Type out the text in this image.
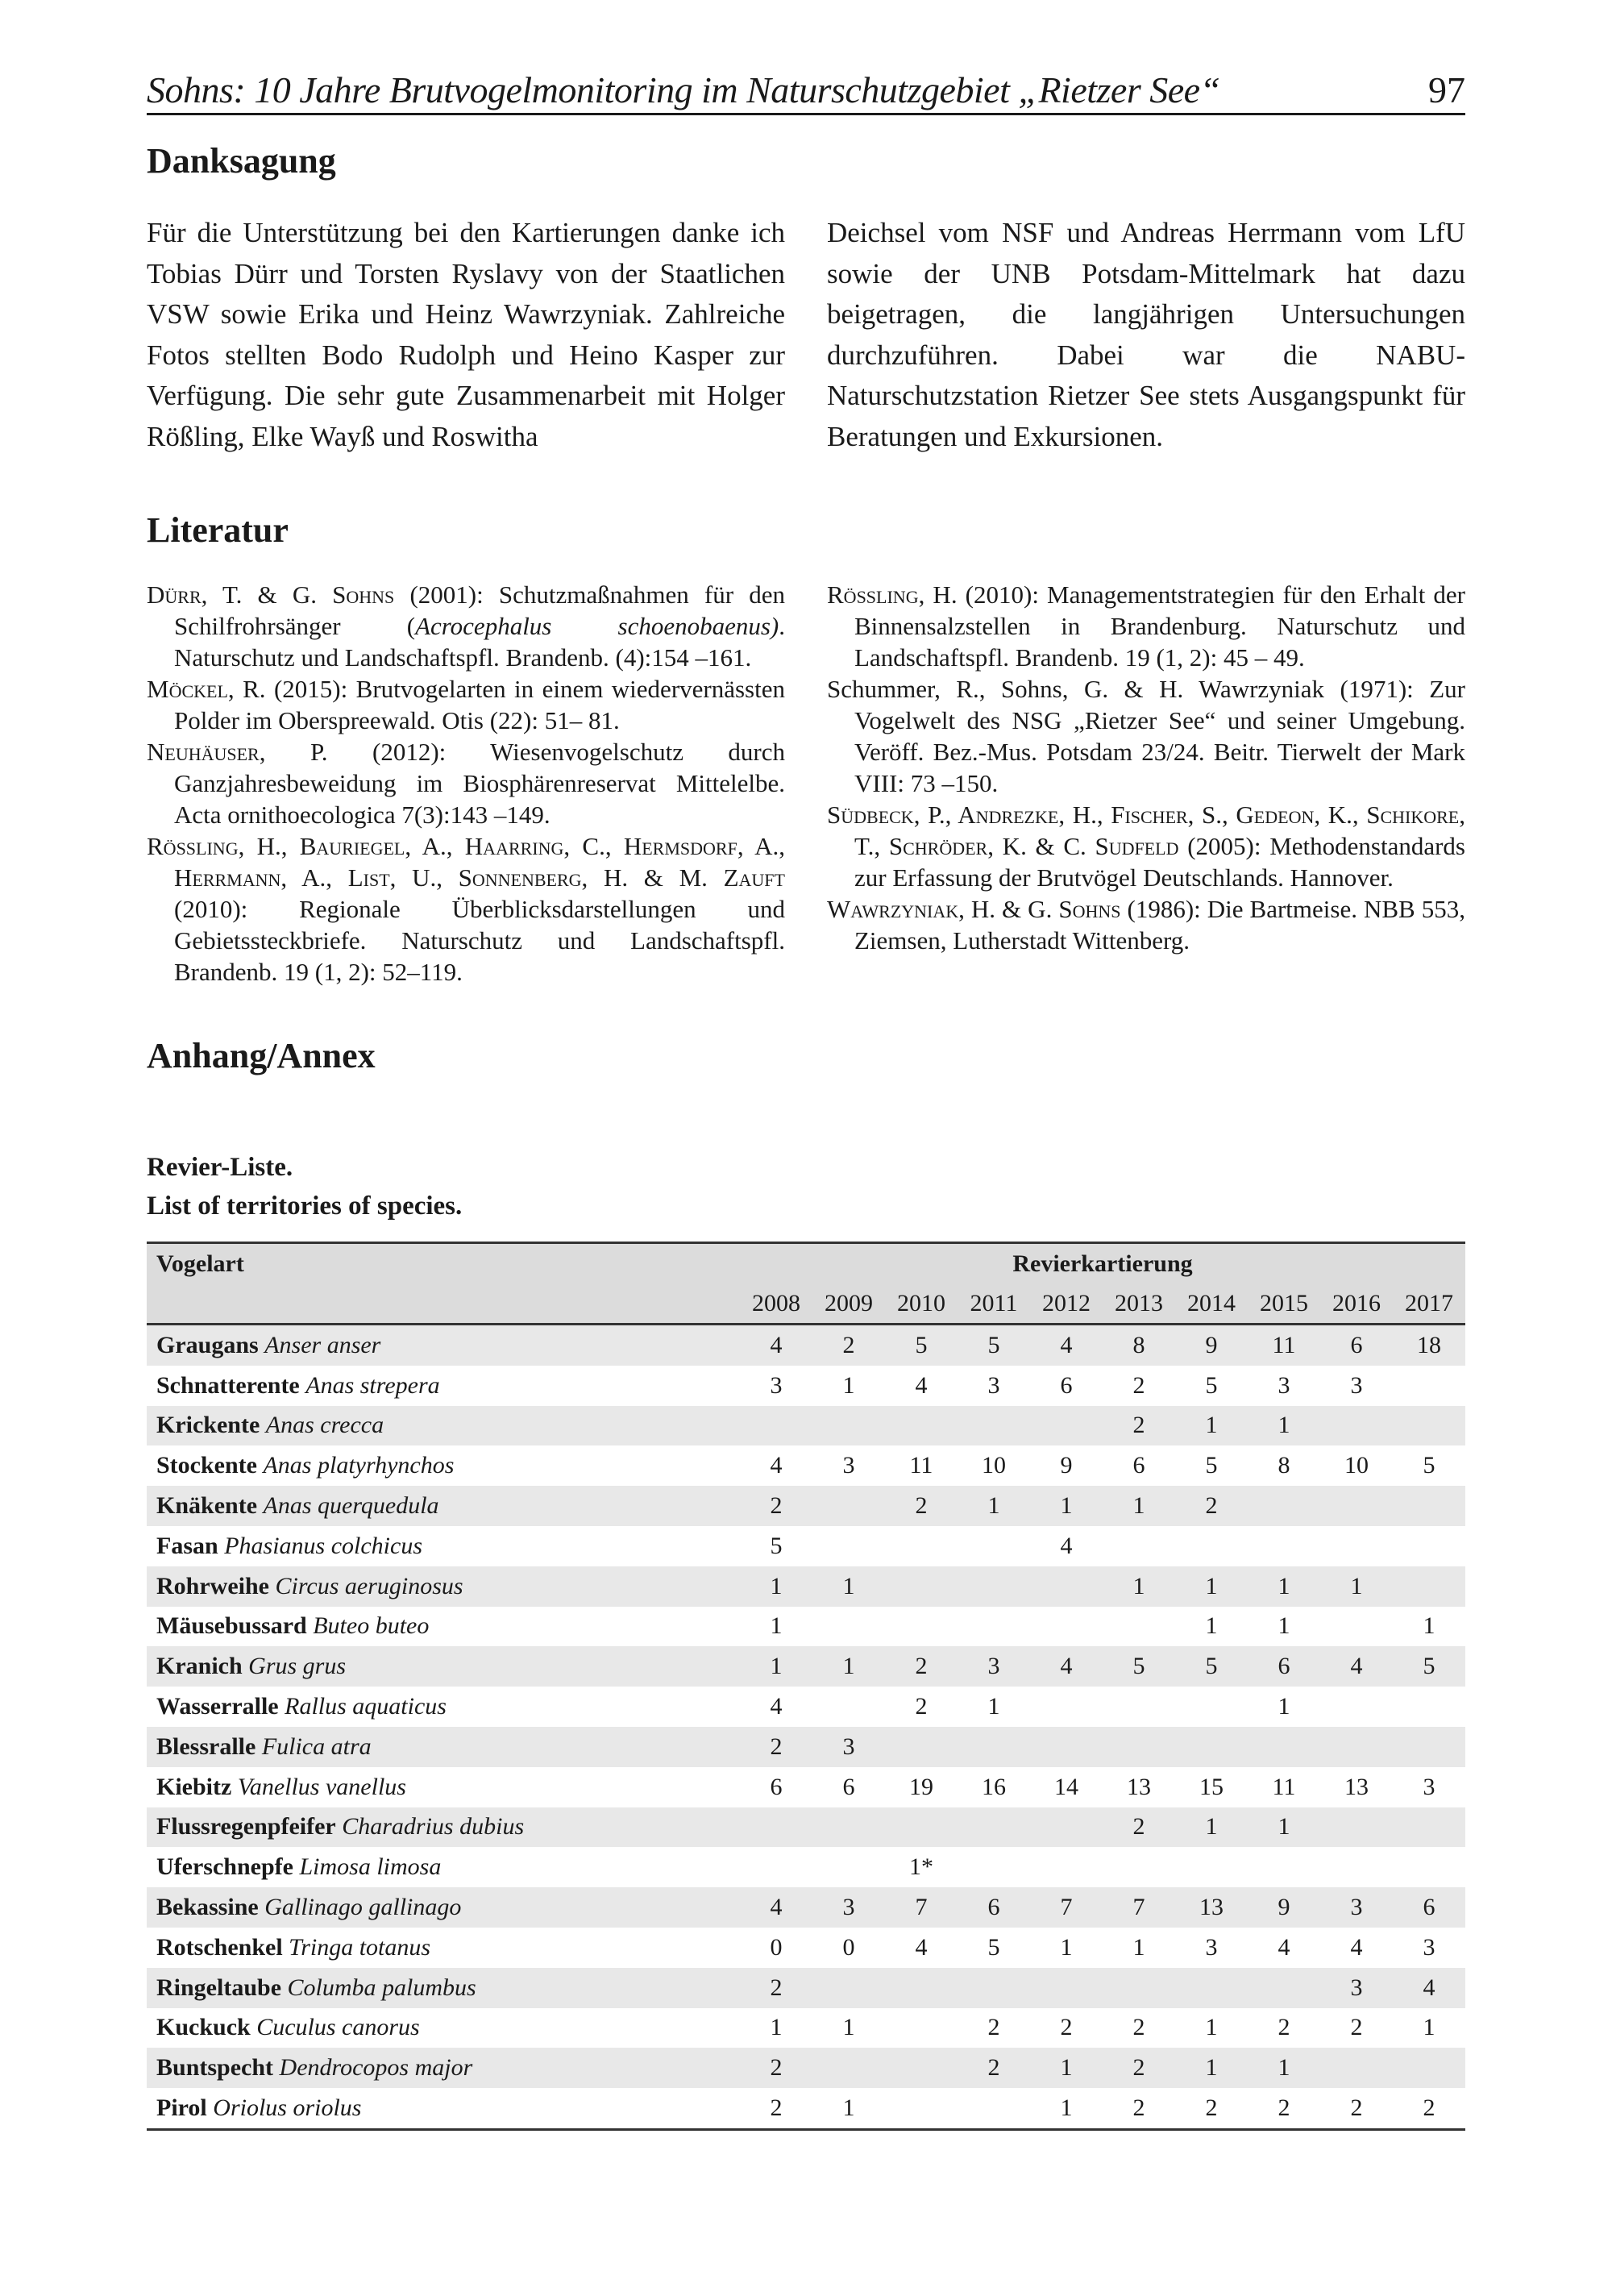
Sohns: 10 Jahre Brutvogelmonitoring im Naturschutzgebiet „Rietzer See“	97
Danksagung

Für die Unterstützung bei den Kartierungen danke ich Tobias Dürr und Torsten Ryslavy von der Staatlichen VSW sowie Erika und Heinz Wawrzyniak. Zahlreiche Fotos stellten Bodo Rudolph und Heino Kasper zur Verfügung. Die sehr gute Zusammenarbeit mit Holger Rößling, Elke Wayß und Roswitha

Deichsel vom NSF und Andreas Herrmann vom LfU sowie der UNB Potsdam-Mittelmark hat dazu beigetragen, die langjährigen Untersuchungen durchzuführen. Dabei war die NABU-Naturschutzstation Rietzer See stets Ausgangspunkt für Beratungen und Exkursionen.

Literatur

Dürr, T. & G. Sohns (2001): Schutzmaßnahmen für den Schilfrohrsänger (Acrocephalus schoenobaenus). Naturschutz und Landschaftspfl. Brandenb. (4):154 –161.

Möckel, R. (2015): Brutvogelarten in einem wiedervernässten Polder im Oberspreewald. Otis (22): 51– 81.

Neuhäuser, P. (2012): Wiesenvogelschutz durch Ganzjahresbeweidung im Biosphärenreservat Mittelelbe. Acta ornithoecologica 7(3):143 –149.

Rößling, H., Bauriegel, A., Haarring, C., Hermsdorf, A., Herrmann, A., List, U., Sonnenberg, H. & M. Zauft (2010): Regionale Überblicksdarstellungen und Gebietssteckbriefe. Naturschutz und Landschaftspfl. Brandenb. 19 (1, 2): 52–119.

Rößling, H. (2010): Managementstrategien für den Erhalt der Binnensalzstellen in Brandenburg. Naturschutz und Landschaftspfl. Brandenb. 19 (1, 2): 45 – 49.

Schummer, R., Sohns, G. & H. Wawrzyniak (1971): Zur Vogelwelt des NSG „Rietzer See“ und seiner Umgebung. Veröff. Bez.-Mus. Potsdam 23/24. Beitr. Tierwelt der Mark VIII: 73 –150.

Südbeck, P., Andrezke, H., Fischer, S., Gedeon, K., Schikore, T., Schröder, K. & C. Sudfeld (2005): Methodenstandards zur Erfassung der Brutvögel Deutschlands. Hannover.

Wawrzyniak, H. & G. Sohns (1986): Die Bartmeise. NBB 553, Ziemsen, Lutherstadt Wittenberg.

Anhang/Annex
Revier-Liste.
List of territories of species.
Vogelart	Revierkartierung									
	2008	2009	2010	2011	2012	2013	2014	2015	2016	2017
Graugans Anser anser	4	2	5	5	4	8	9	11	6	18
Schnatterente Anas strepera	3	1	4	3	6	2	5	3	3	
Krickente Anas crecca						2	1	1		
Stockente Anas platyrhynchos	4	3	11	10	9	6	5	8	10	5
Knäkente Anas querquedula	2		2	1	1	1	2			
Fasan Phasianus colchicus	5				4					
Rohrweihe Circus aeruginosus	1	1				1	1	1	1	
Mäusebussard Buteo buteo	1						1	1		1
Kranich Grus grus	1	1	2	3	4	5	5	6	4	5
Wasserralle Rallus aquaticus	4		2	1				1		
Blessralle Fulica atra	2	3								
Kiebitz Vanellus vanellus	6	6	19	16	14	13	15	11	13	3
Flussregenpfeifer Charadrius dubius						2	1	1		
Uferschnepfe Limosa limosa			1*							
Bekassine Gallinago gallinago	4	3	7	6	7	7	13	9	3	6
Rotschenkel Tringa totanus	0	0	4	5	1	1	3	4	4	3
Ringeltaube Columba palumbus	2								3	4
Kuckuck Cuculus canorus	1	1		2	2	2	1	2	2	1
Buntspecht Dendrocopos major	2			2	1	2	1	1		
Pirol Oriolus oriolus	2	1			1	2	2	2	2	2
